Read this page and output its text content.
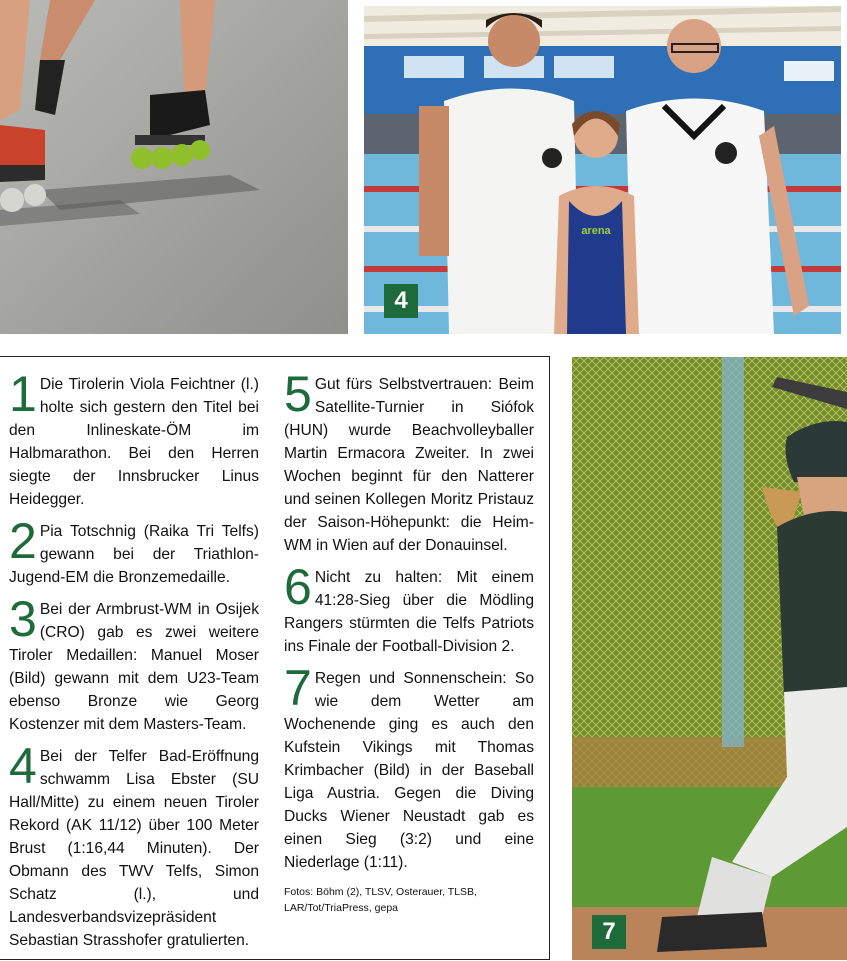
arena
4

1 Die Tirolerin Viola Feichtner (l.) holte sich gestern den Titel bei den Inlineskate-ÖM im Halbmarathon. Bei den Herren siegte der Innsbrucker Linus Heidegger.

2 Pia Totschnig (Raika Tri Telfs) gewann bei der Triathlon-Jugend-EM die Bronzemedaille.

3 Bei der Armbrust-WM in Osijek (CRO) gab es zwei weitere Tiroler Medaillen: Manuel Moser (Bild) gewann mit dem U23-Team ebenso Bronze wie Georg Kostenzer mit dem Masters-Team.

4 Bei der Telfer Bad-Eröffnung schwamm Lisa Ebster (SU Hall/Mitte) zu einem neuen Tiroler Rekord (AK 11/12) über 100 Meter Brust (1:16,44 Minuten). Der Obmann des TWV Telfs, Simon Schatz (l.), und Landesverbandsvizepräsident Sebastian Strasshofer gratulierten.

5 Gut fürs Selbstvertrauen: Beim Satellite-Turnier in Siófok (HUN) wurde Beachvolleyballer Martin Ermacora Zweiter. In zwei Wochen beginnt für den Natterer und seinen Kollegen Moritz Pristauz der Saison-Höhepunkt: die Heim-WM in Wien auf der Donauinsel.

6 Nicht zu halten: Mit einem 41:28-Sieg über die Mödling Rangers stürmten die Telfs Patriots ins Finale der Football-Division 2.

7 Regen und Sonnenschein: So wie dem Wetter am Wochenende ging es auch den Kufstein Vikings mit Thomas Krimbacher (Bild) in der Baseball Liga Austria. Gegen die Diving Ducks Wiener Neustadt gab es einen Sieg (3:2) und eine Niederlage (1:11).

Fotos: Böhm (2), TLSV, Osterauer, TLSB, LAR/Tot/TriaPress, gepa
7
